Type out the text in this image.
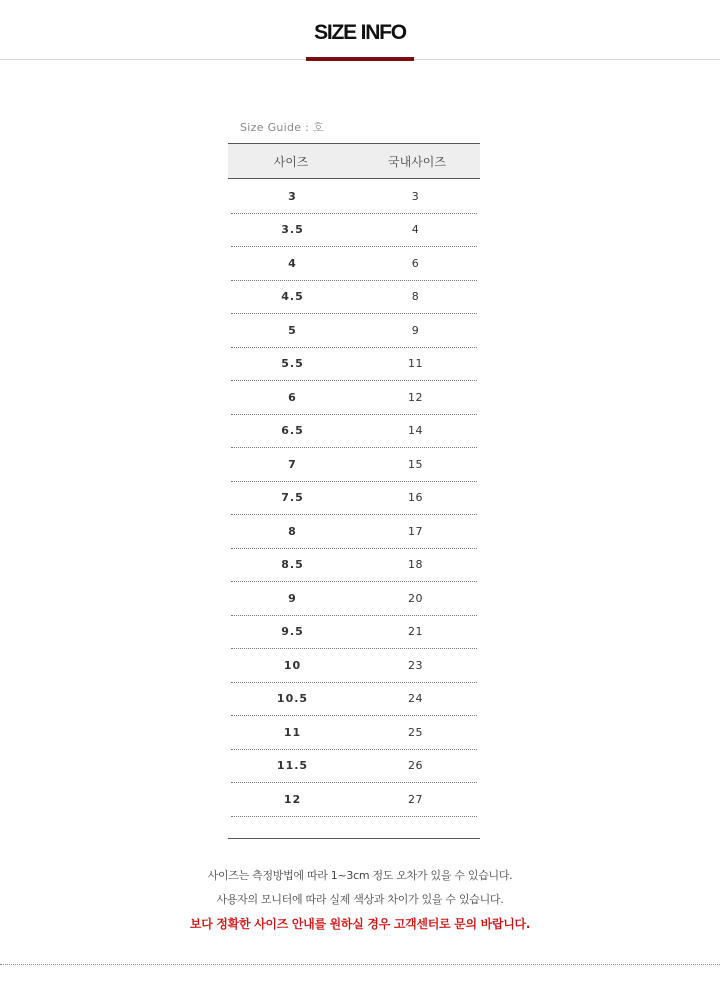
SIZE INFO
Size Guide : 호
사이즈	국내사이즈
3	3
3.5	4
4	6
4.5	8
5	9
5.5	11
6	12
6.5	14
7	15
7.5	16
8	17
8.5	18
9	20
9.5	21
10	23
10.5	24
11	25
11.5	26
12	27
사이즈는 측정방법에 따라 1~3cm 정도 오차가 있을 수 있습니다.
사용자의 모니터에 따라 실제 색상과 차이가 있을 수 있습니다.
보다 정확한 사이즈 안내를 원하실 경우 고객센터로 문의 바랍니다.
